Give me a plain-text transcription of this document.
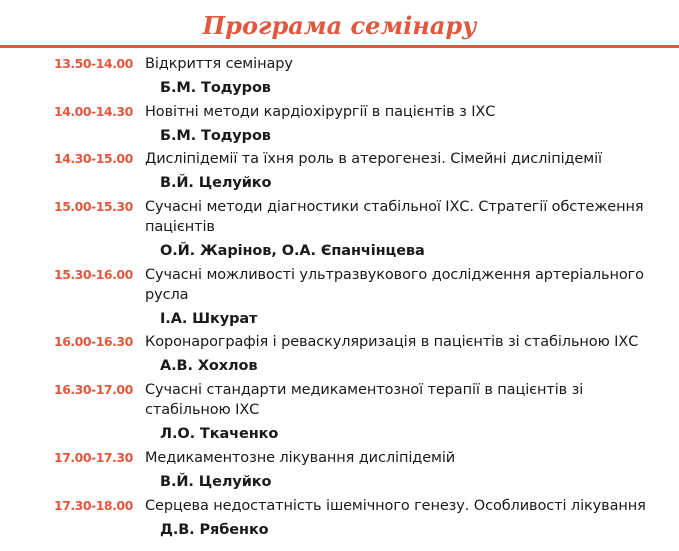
Програма семінару
13.50-14.00 Відкриття семінару
Б.М. Тодуров
14.00-14.30 Новітні методи кардіохірургії в пацієнтів з ІХС
Б.М. Тодуров
14.30-15.00 Дисліпідемії та їхня роль в атерогенезі. Сімейні дисліпідемії
В.Й. Целуйко
15.00-15.30 Сучасні методи діагностики стабільної ІХС. Стратегії обстеження пацієнтів
О.Й. Жарінов, О.А. Єпанчінцева
15.30-16.00 Сучасні можливості ультразвукового дослідження артеріального русла
І.А. Шкурат
16.00-16.30 Коронарографія і реваскуляризація в пацієнтів зі стабільною ІХС
А.В. Хохлов
16.30-17.00 Сучасні стандарти медикаментозної терапії в пацієнтів зі стабільною ІХС
Л.О. Ткаченко
17.00-17.30 Медикаментозне лікування дисліпідемій
В.Й. Целуйко
17.30-18.00 Серцева недостатність ішемічного генезу. Особливості лікування
Д.В. Рябенко
